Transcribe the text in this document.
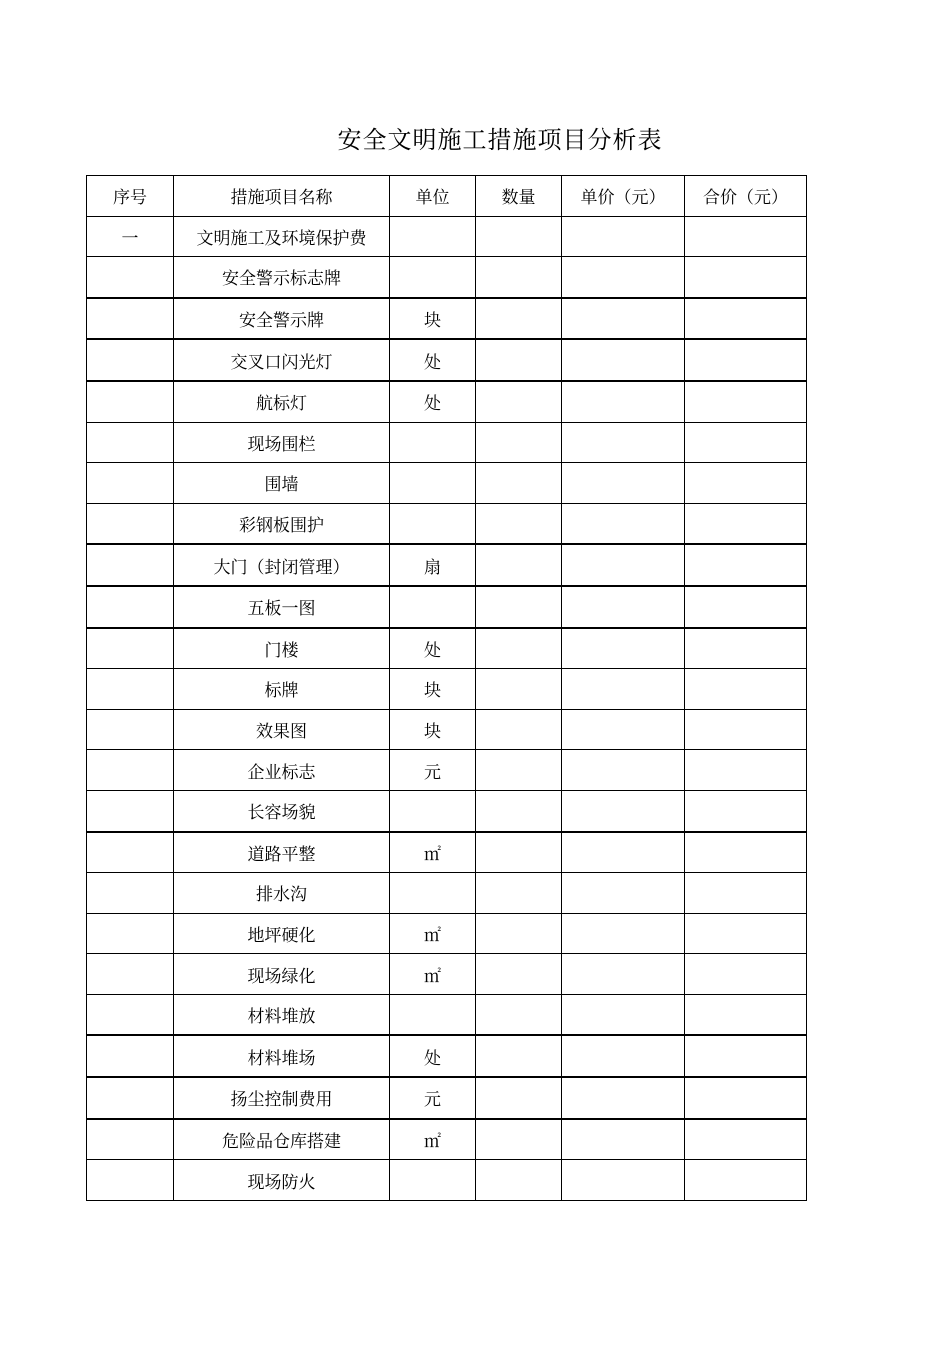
安全文明施工措施项目分析表
序号	措施项目名称	单位	数量	单价（元）	合价（元）
一	文明施工及环境保护费				
	安全警示标志牌				
	安全警示牌	块			
	交叉口闪光灯	处			
	航标灯	处			
	现场围栏				
	围墙				
	彩钢板围护				
	大门（封闭管理）	扇			
	五板一图				
	门楼	处			
	标牌	块			
	效果图	块			
	企业标志	元			
	长容场貌				
	道路平整	㎡			
	排水沟				
	地坪硬化	㎡			
	现场绿化	㎡			
	材料堆放				
	材料堆场	处			
	扬尘控制费用	元			
	危险品仓库搭建	㎡			
	现场防火				
